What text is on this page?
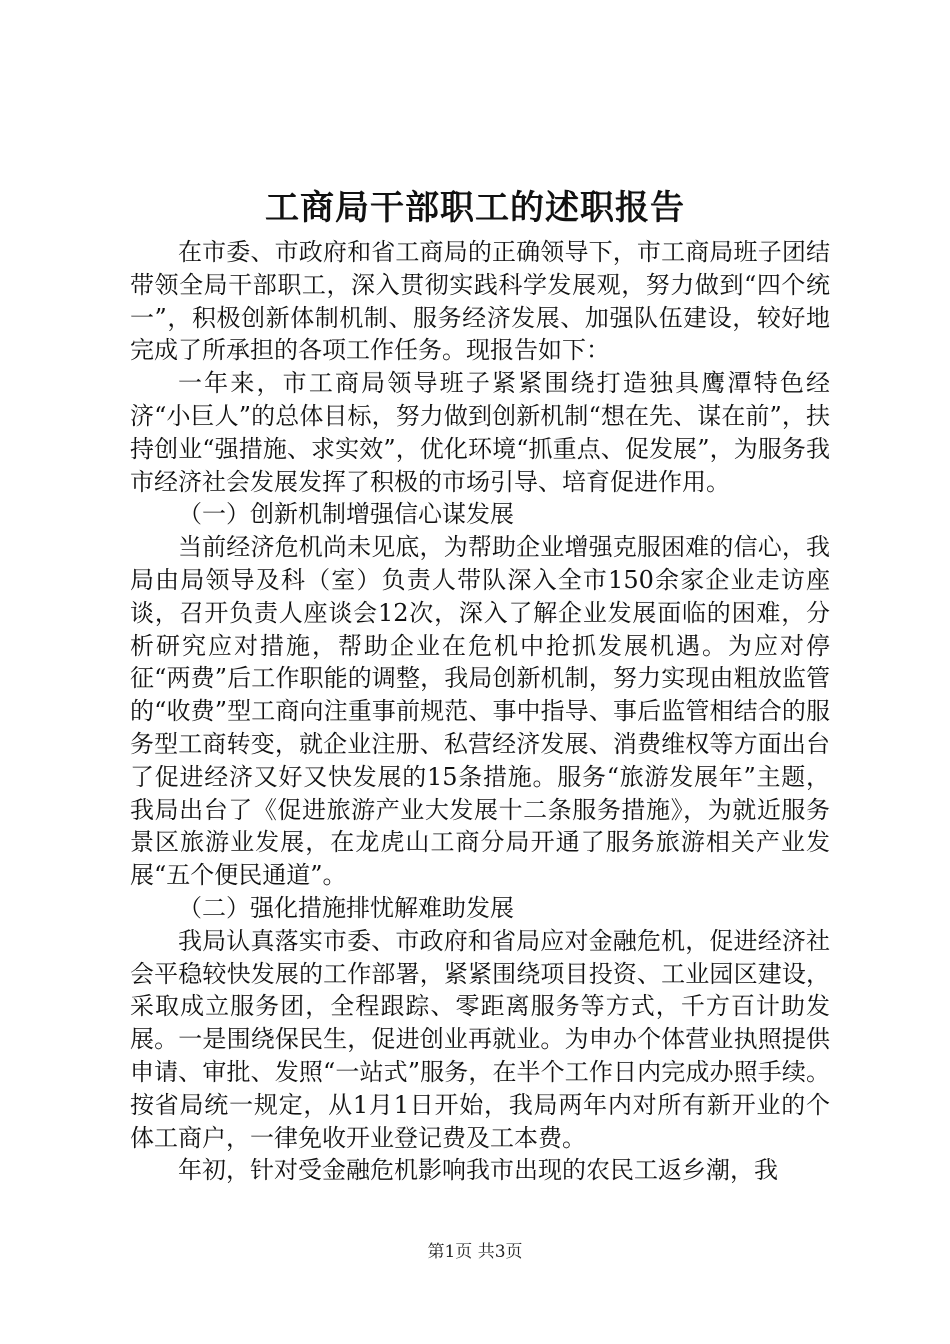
工商局干部职工的述职报告

在市委、市政府和省工商局的正确领导下，市工商局班子团结带领全局干部职工，深入贯彻实践科学发展观，努力做到“四个统一”，积极创新体制机制、服务经济发展、加强队伍建设，较好地完成了所承担的各项工作任务。现报告如下：

一年来，市工商局领导班子紧紧围绕打造独具鹰潭特色经济“小巨人”的总体目标，努力做到创新机制“想在先、谋在前”，扶持创业“强措施、求实效”，优化环境“抓重点、促发展”，为服务我市经济社会发展发挥了积极的市场引导、培育促进作用。

（一）创新机制增强信心谋发展

当前经济危机尚未见底，为帮助企业增强克服困难的信心，我局由局领导及科（室）负责人带队深入全市150余家企业走访座谈，召开负责人座谈会12次，深入了解企业发展面临的困难，分析研究应对措施，帮助企业在危机中抢抓发展机遇。为应对停征“两费”后工作职能的调整，我局创新机制，努力实现由粗放监管的“收费”型工商向注重事前规范、事中指导、事后监管相结合的服务型工商转变，就企业注册、私营经济发展、消费维权等方面出台了促进经济又好又快发展的15条措施。服务“旅游发展年”主题，我局出台了《促进旅游产业大发展十二条服务措施》，为就近服务景区旅游业发展，在龙虎山工商分局开通了服务旅游相关产业发展“五个便民通道”。

（二）强化措施排忧解难助发展

我局认真落实市委、市政府和省局应对金融危机，促进经济社会平稳较快发展的工作部署，紧紧围绕项目投资、工业园区建设，采取成立服务团，全程跟踪、零距离服务等方式，千方百计助发展。一是围绕保民生，促进创业再就业。为申办个体营业执照提供申请、审批、发照“一站式”服务，在半个工作日内完成办照手续。按省局统一规定，从1月1日开始，我局两年内对所有新开业的个体工商户，一律免收开业登记费及工本费。

年初，针对受金融危机影响我市出现的农民工返乡潮，我

第1页 共3页
